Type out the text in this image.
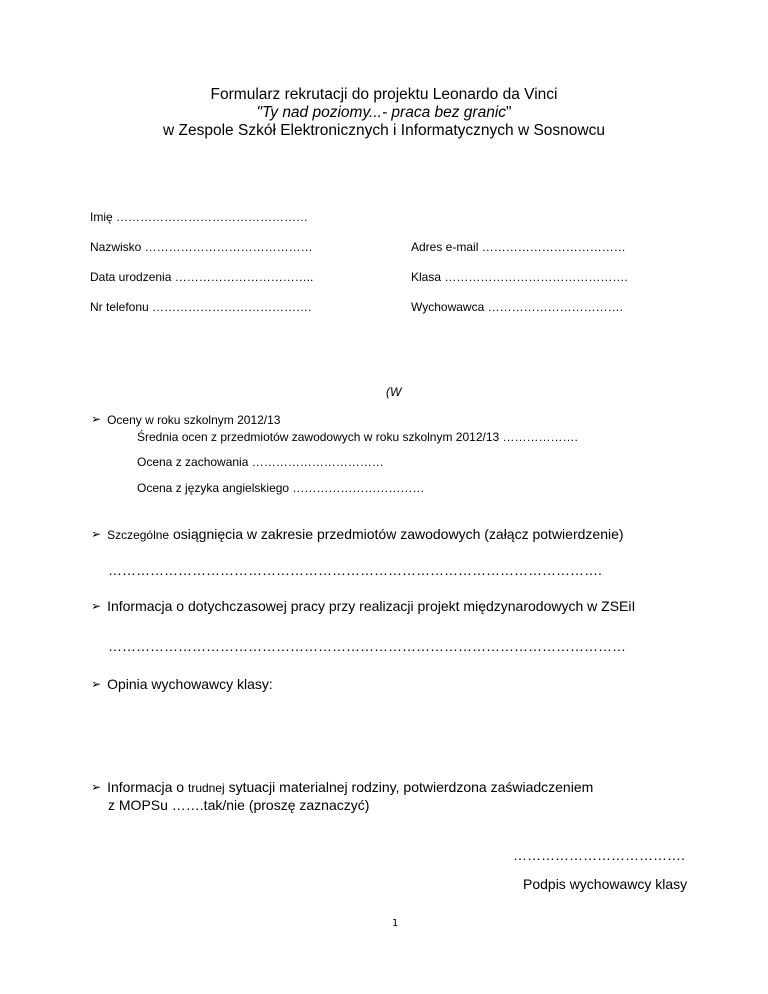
Formularz rekrutacji do projektu Leonardo da Vinci
"Ty nad poziomy...- praca bez granic"
w Zespole Szkół Elektronicznych i Informatycznych w Sosnowcu
Imię …………………………………………
Nazwisko ……………………………………	Adres e-mail ………………………………
Data urodzenia ……………………………..	Klasa ……………………………………….
Nr telefonu ………………………………….	Wychowawca …………………………….
(W
➢ Oceny w roku szkolnym 2012/13
Średnia ocen z przedmiotów zawodowych w roku szkolnym 2012/13 ……………….
Ocena z zachowania ……………………………
Ocena z języka angielskiego ……………………………
➢ Szczególne osiągnięcia w zakresie przedmiotów zawodowych (załącz potwierdzenie)
…………………………………………………………………………………………….
➢ Informacja o dotychczasowej pracy przy realizacji projekt międzynarodowych w ZSEiI
…………………………………………………………………………………………………
➢ Opinia wychowawcy klasy:
➢ Informacja o trudnej sytuacji materialnej rodziny, potwierdzona zaświadczeniem
z MOPSu …….tak/nie (proszę zaznaczyć)
……………………………….
Podpis wychowawcy klasy
1
